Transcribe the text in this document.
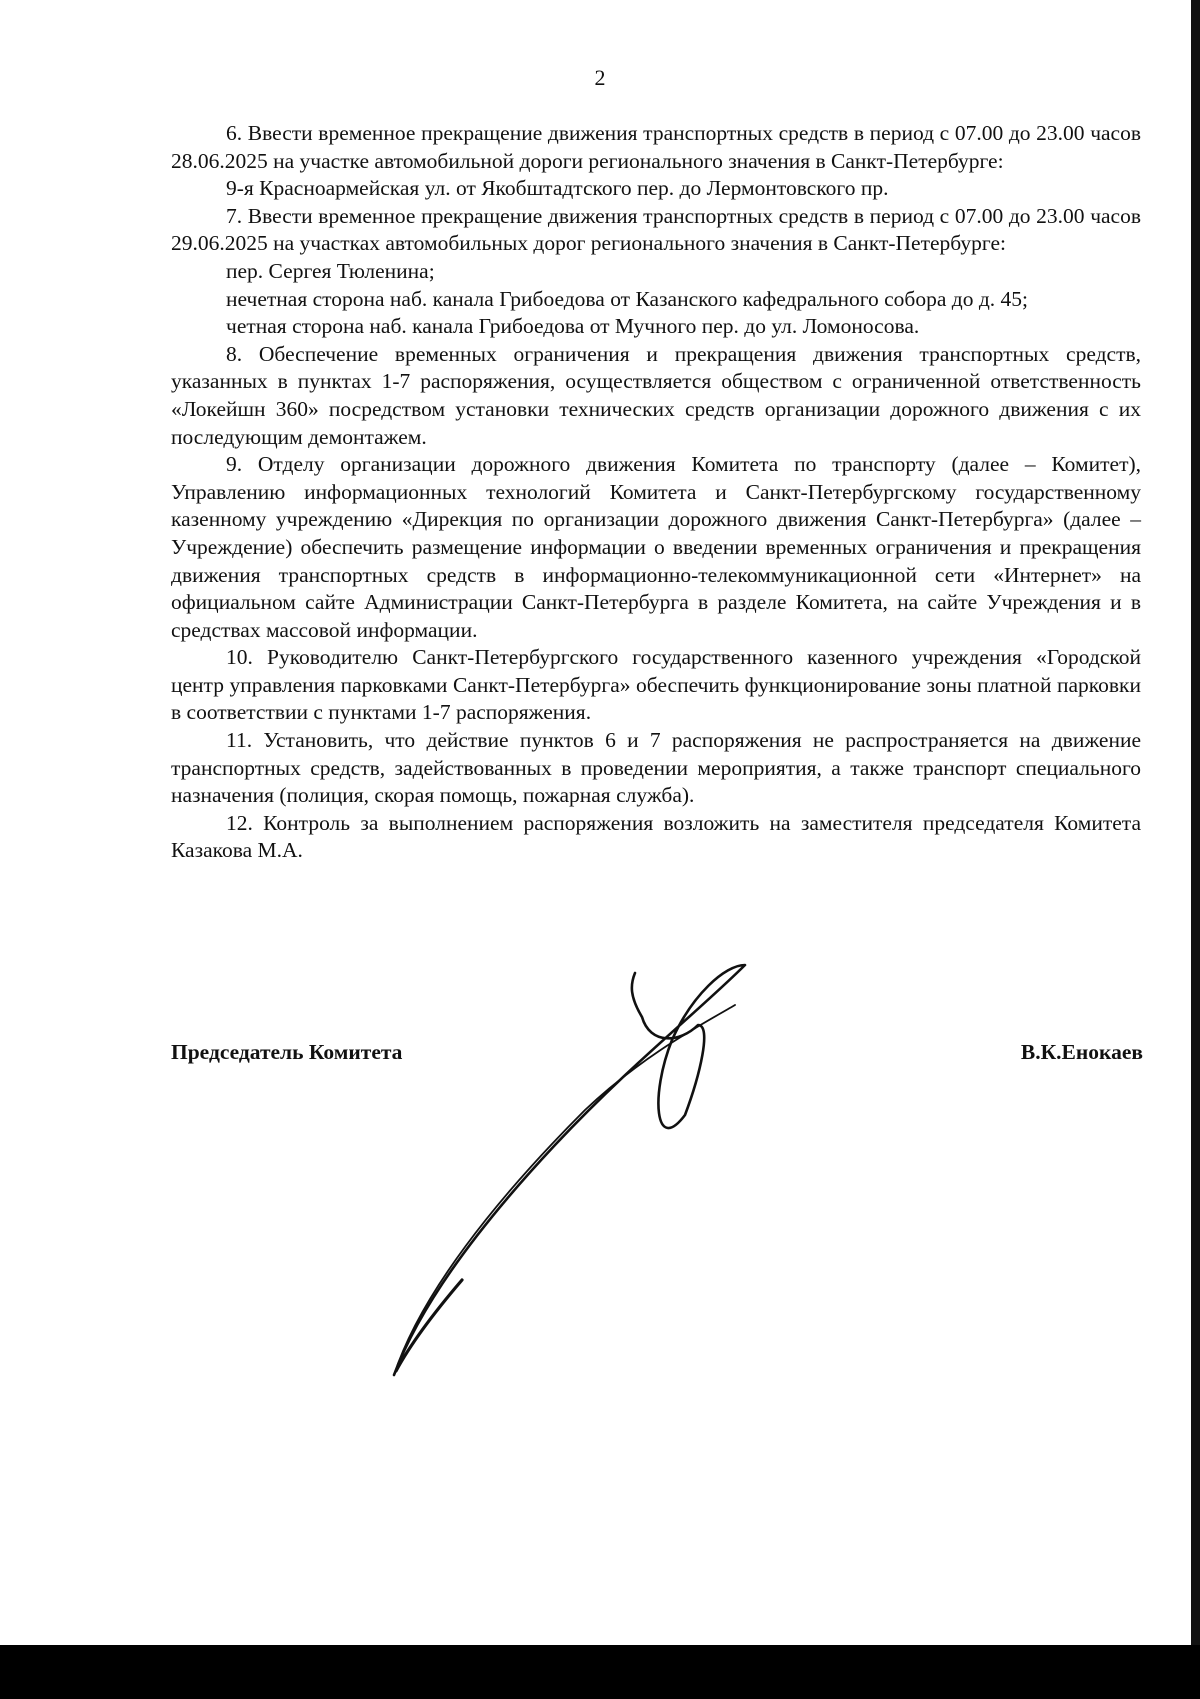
2

6. Ввести временное прекращение движения транспортных средств в период с 07.00 до 23.00 часов 28.06.2025 на участке автомобильной дороги регионального значения в Санкт-Петербурге:

9-я Красноармейская ул. от Якобштадтского пер. до Лермонтовского пр.

7. Ввести временное прекращение движения транспортных средств в период с 07.00 до 23.00 часов 29.06.2025 на участках автомобильных дорог регионального значения в Санкт-Петербурге:

пер. Сергея Тюленина;

нечетная сторона наб. канала Грибоедова от Казанского кафедрального собора до д. 45;

четная сторона наб. канала Грибоедова от Мучного пер. до ул. Ломоносова.

8. Обеспечение временных ограничения и прекращения движения транспортных средств, указанных в пунктах 1-7 распоряжения, осуществляется обществом с ограниченной ответственность «Локейшн 360» посредством установки технических средств организации дорожного движения с их последующим демонтажем.

9. Отделу организации дорожного движения Комитета по транспорту (далее – Комитет), Управлению информационных технологий Комитета и Санкт-Петербургскому государственному казенному учреждению «Дирекция по организации дорожного движения Санкт-Петербурга» (далее – Учреждение) обеспечить размещение информации о введении временных ограничения и прекращения движения транспортных средств в информационно-телекоммуникационной сети «Интернет» на официальном сайте Администрации Санкт-Петербурга в разделе Комитета, на сайте Учреждения и в средствах массовой информации.

10. Руководителю Санкт-Петербургского государственного казенного учреждения «Городской центр управления парковками Санкт-Петербурга» обеспечить функционирование зоны платной парковки в соответствии с пунктами 1-7 распоряжения.

11. Установить, что действие пунктов 6 и 7 распоряжения не распространяется на движение транспортных средств, задействованных в проведении мероприятия, а также транспорт специального назначения (полиция, скорая помощь, пожарная служба).

12. Контроль за выполнением распоряжения возложить на заместителя председателя Комитета Казакова М.А.

Председатель Комитета	В.К.Енокаев
